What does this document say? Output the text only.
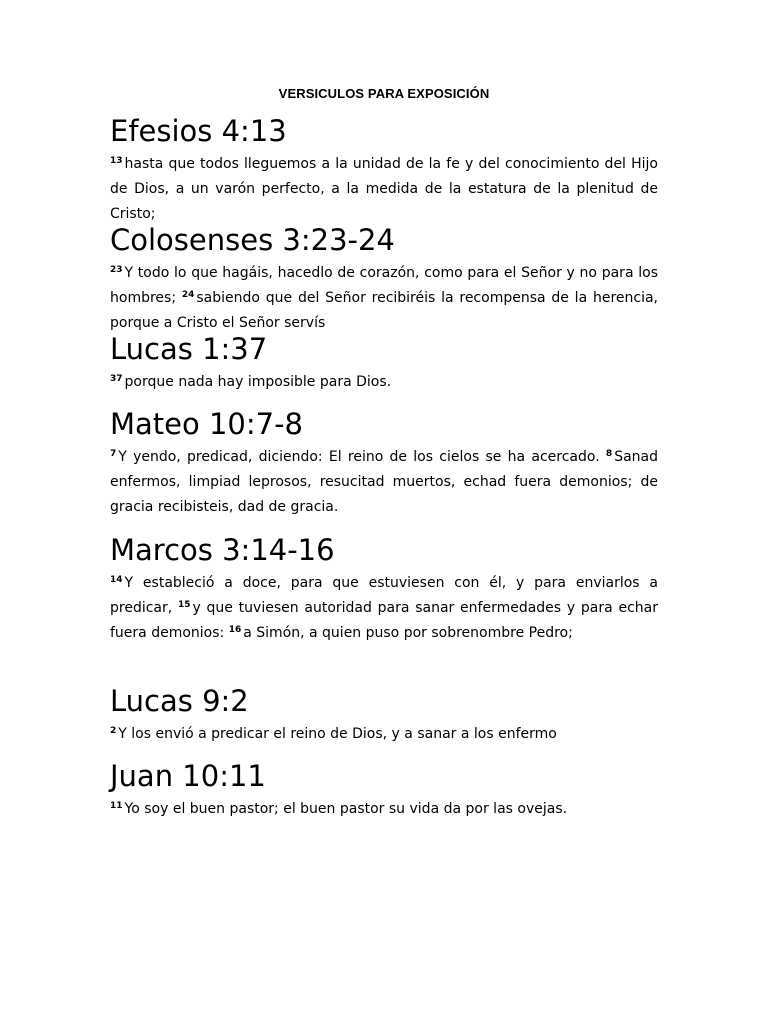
VERSICULOS PARA EXPOSICIÓN
Efesios 4:13

$^{13}$ hasta que todos lleguemos a la unidad de la fe y del conocimiento del Hijo de Dios, a un varón perfecto, a la medida de la estatura de la plenitud de Cristo;

Colosenses 3:23-24

$^{23}$ Y todo lo que hagáis, hacedlo de corazón, como para el Señor y no para los hombres; $^{24}$ sabiendo que del Señor recibiréis la recompensa de la herencia, porque a Cristo el Señor servís

Lucas 1:37

$^{37}$ porque nada hay imposible para Dios.

Mateo 10:7-8

$^7$ Y yendo, predicad, diciendo: El reino de los cielos se ha acercado. $^8$ Sanad enfermos, limpiad leprosos, resucitad muertos, echad fuera demonios; de gracia recibisteis, dad de gracia.

Marcos 3:14-16

$^{14}$ Y estableció a doce, para que estuviesen con él, y para enviarlos a predicar, $^{15}$ y que tuviesen autoridad para sanar enfermedades y para echar fuera demonios: $^{16}$ a Simón, a quien puso por sobrenombre Pedro;

Lucas 9:2

$^2$ Y los envió a predicar el reino de Dios, y a sanar a los enfermo

Juan 10:11

$^{11}$ Yo soy el buen pastor; el buen pastor su vida da por las ovejas.
